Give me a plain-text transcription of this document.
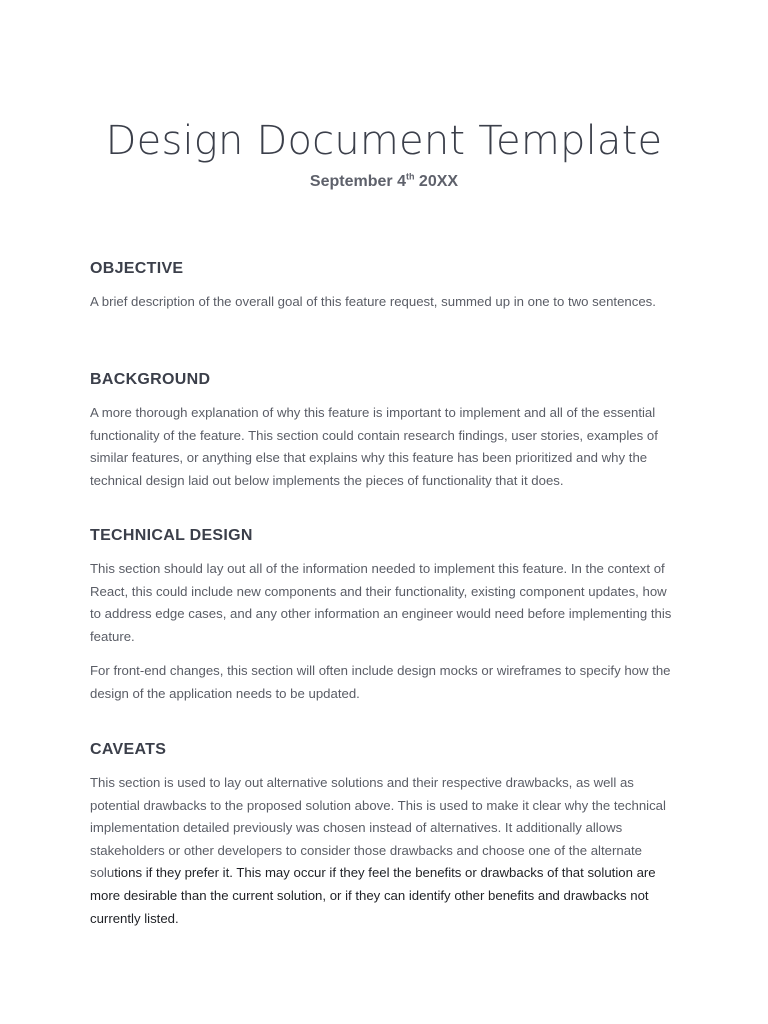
Design Document Template

September 4th 20XX

OBJECTIVE

A brief description of the overall goal of this feature request, summed up in one to two sentences.

BACKGROUND

A more thorough explanation of why this feature is important to implement and all of the essential functionality of the feature. This section could contain research findings, user stories, examples of similar features, or anything else that explains why this feature has been prioritized and why the technical design laid out below implements the pieces of functionality that it does.

TECHNICAL DESIGN

This section should lay out all of the information needed to implement this feature. In the context of React, this could include new components and their functionality, existing component updates, how to address edge cases, and any other information an engineer would need before implementing this feature.

For front-end changes, this section will often include design mocks or wireframes to specify how the design of the application needs to be updated.

CAVEATS

This section is used to lay out alternative solutions and their respective drawbacks, as well as potential drawbacks to the proposed solution above. This is used to make it clear why the technical implementation detailed previously was chosen instead of alternatives. It additionally allows stakeholders or other developers to consider those drawbacks and choose one of the alternate solutions if they prefer it. This may occur if they feel the benefits or drawbacks of that solution are more desirable than the current solution, or if they can identify other benefits and drawbacks not currently listed.
